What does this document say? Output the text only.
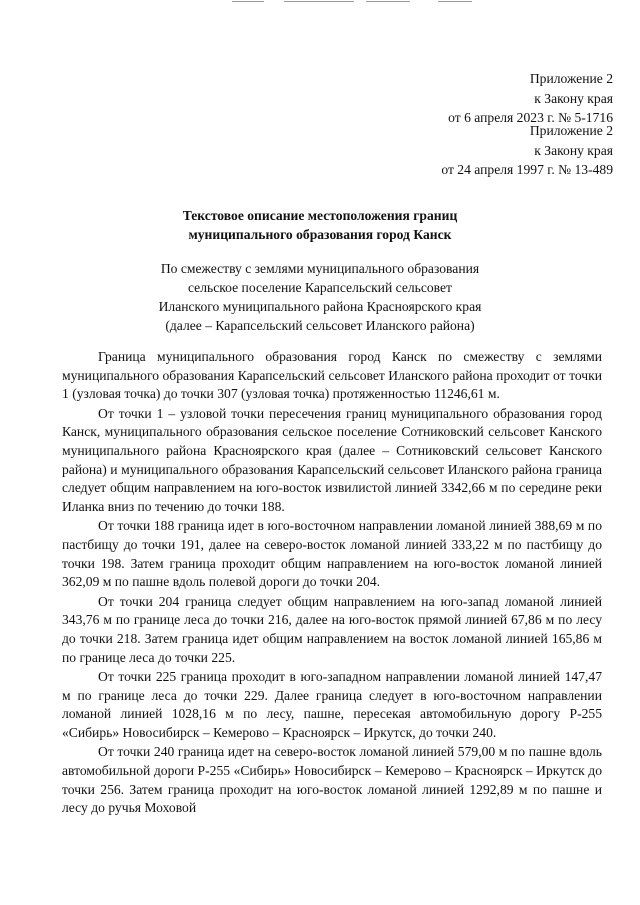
Приложение 2
к Закону края
от 6 апреля 2023 г. № 5-1716
Приложение 2
к Закону края
от 24 апреля 1997 г. № 13-489
Текстовое описание местоположения границ
муниципального образования город Канск
По смежеству с землями муниципального образования
сельское поселение Карапсельский сельсовет
Иланского муниципального района Красноярского края
(далее – Карапсельский сельсовет Иланского района)

Граница муниципального образования город Канск по смежеству с землями муниципального образования Карапсельский сельсовет Иланского района проходит от точки 1 (узловая точка) до точки 307 (узловая точка) протяженностью 11246,61 м.

От точки 1 – узловой точки пересечения границ муниципального образования город Канск, муниципального образования сельское поселение Сотниковский сельсовет Канского муниципального района Красноярского края (далее – Сотниковский сельсовет Канского района) и муниципального образования Карапсельский сельсовет Иланского района граница следует общим направлением на юго-восток извилистой линией 3342,66 м по середине реки Иланка вниз по течению до точки 188.

От точки 188 граница идет в юго-восточном направлении ломаной линией 388,69 м по пастбищу до точки 191, далее на северо-восток ломаной линией 333,22 м по пастбищу до точки 198. Затем граница проходит общим направлением на юго-восток ломаной линией 362,09 м по пашне вдоль полевой дороги до точки 204.

От точки 204 граница следует общим направлением на юго-запад ломаной линией 343,76 м по границе леса до точки 216, далее на юго-восток прямой линией 67,86 м по лесу до точки 218. Затем граница идет общим направлением на восток ломаной линией 165,86 м по границе леса до точки 225.

От точки 225 граница проходит в юго-западном направлении ломаной линией 147,47 м по границе леса до точки 229. Далее граница следует в юго-восточном направлении ломаной линией 1028,16 м по лесу, пашне, пересекая автомобильную дорогу Р-255 «Сибирь» Новосибирск – Кемерово – Красноярск – Иркутск, до точки 240.

От точки 240 граница идет на северо-восток ломаной линией 579,00 м по пашне вдоль автомобильной дороги Р-255 «Сибирь» Новосибирск – Кемерово – Красноярск – Иркутск до точки 256. Затем граница проходит на юго-восток ломаной линией 1292,89 м по пашне и лесу до ручья Моховой
